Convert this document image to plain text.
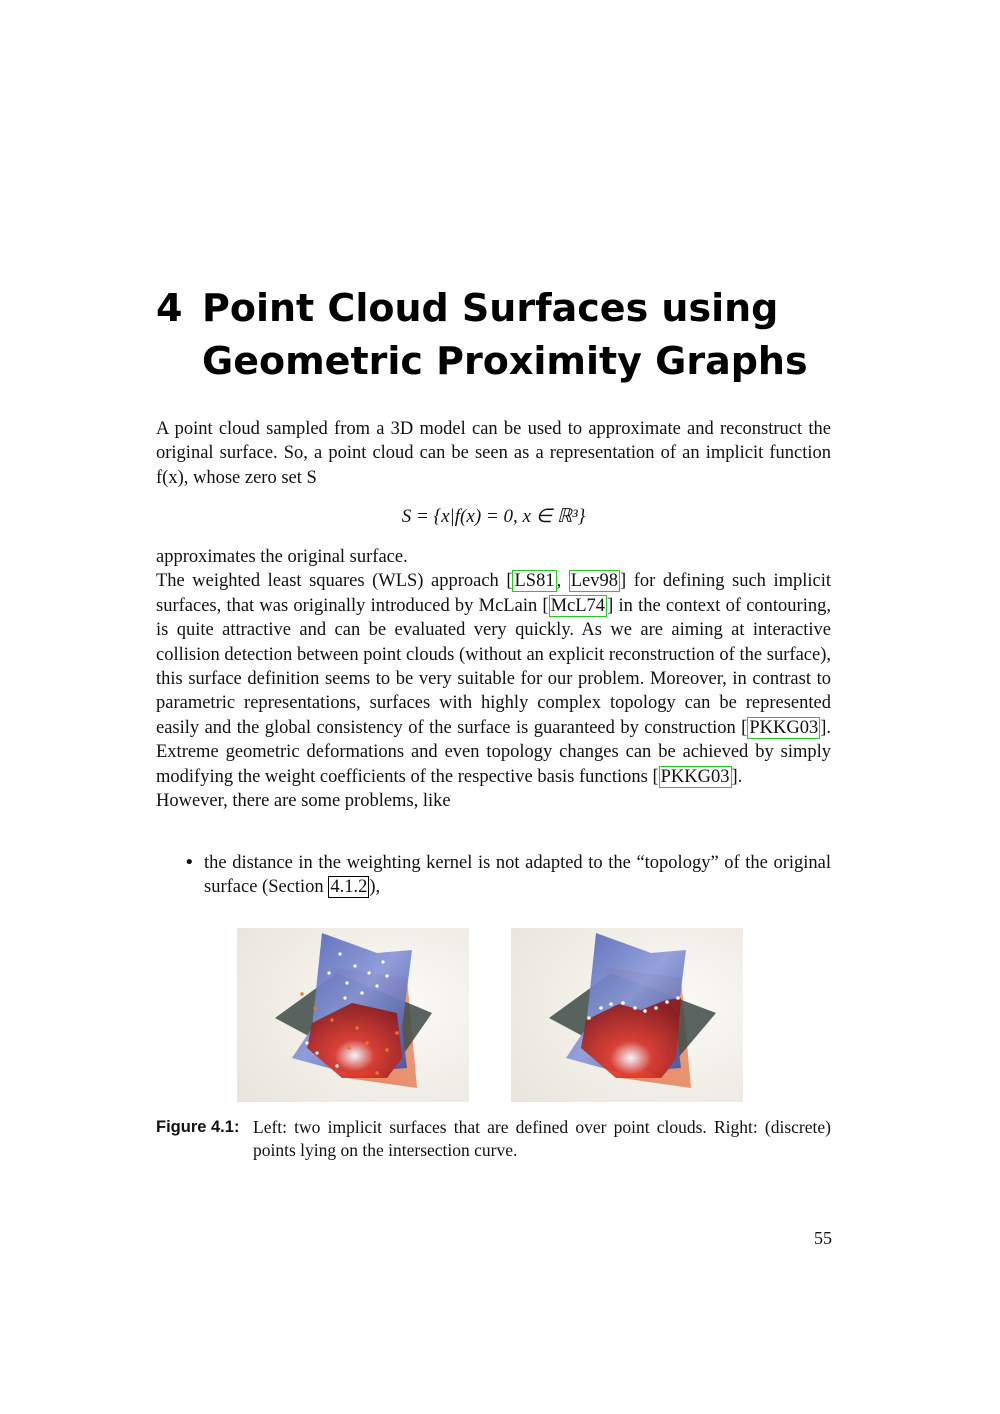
4 Point Cloud Surfaces using Geometric Proximity Graphs
A point cloud sampled from a 3D model can be used to approximate and reconstruct the original surface. So, a point cloud can be seen as a representation of an implicit function f(x), whose zero set S
S = {x|f(x) = 0, x ∈ ℝ³}
approximates the original surface.
The weighted least squares (WLS) approach [ LS81 , Lev98 ] for defining such implicit surfaces, that was originally introduced by McLain [ McL74 ] in the context of contouring, is quite attractive and can be evaluated very quickly. As we are aiming at interactive collision detection between point clouds (without an explicit reconstruction of the surface), this surface definition seems to be very suitable for our problem. Moreover, in contrast to parametric representations, surfaces with highly complex topology can be represented easily and the global consistency of the surface is guaranteed by construction [ PKKG03 ]. Extreme geometric deformations and even topology changes can be achieved by simply modifying the weight coefficients of the respective basis functions [ PKKG03 ].
However, there are some problems, like
• the distance in the weighting kernel is not adapted to the “topology” of the original surface (Section 4.1.2 ),
Figure 4.1: Left: two implicit surfaces that are defined over point clouds. Right: (discrete) points lying on the intersection curve.
55
